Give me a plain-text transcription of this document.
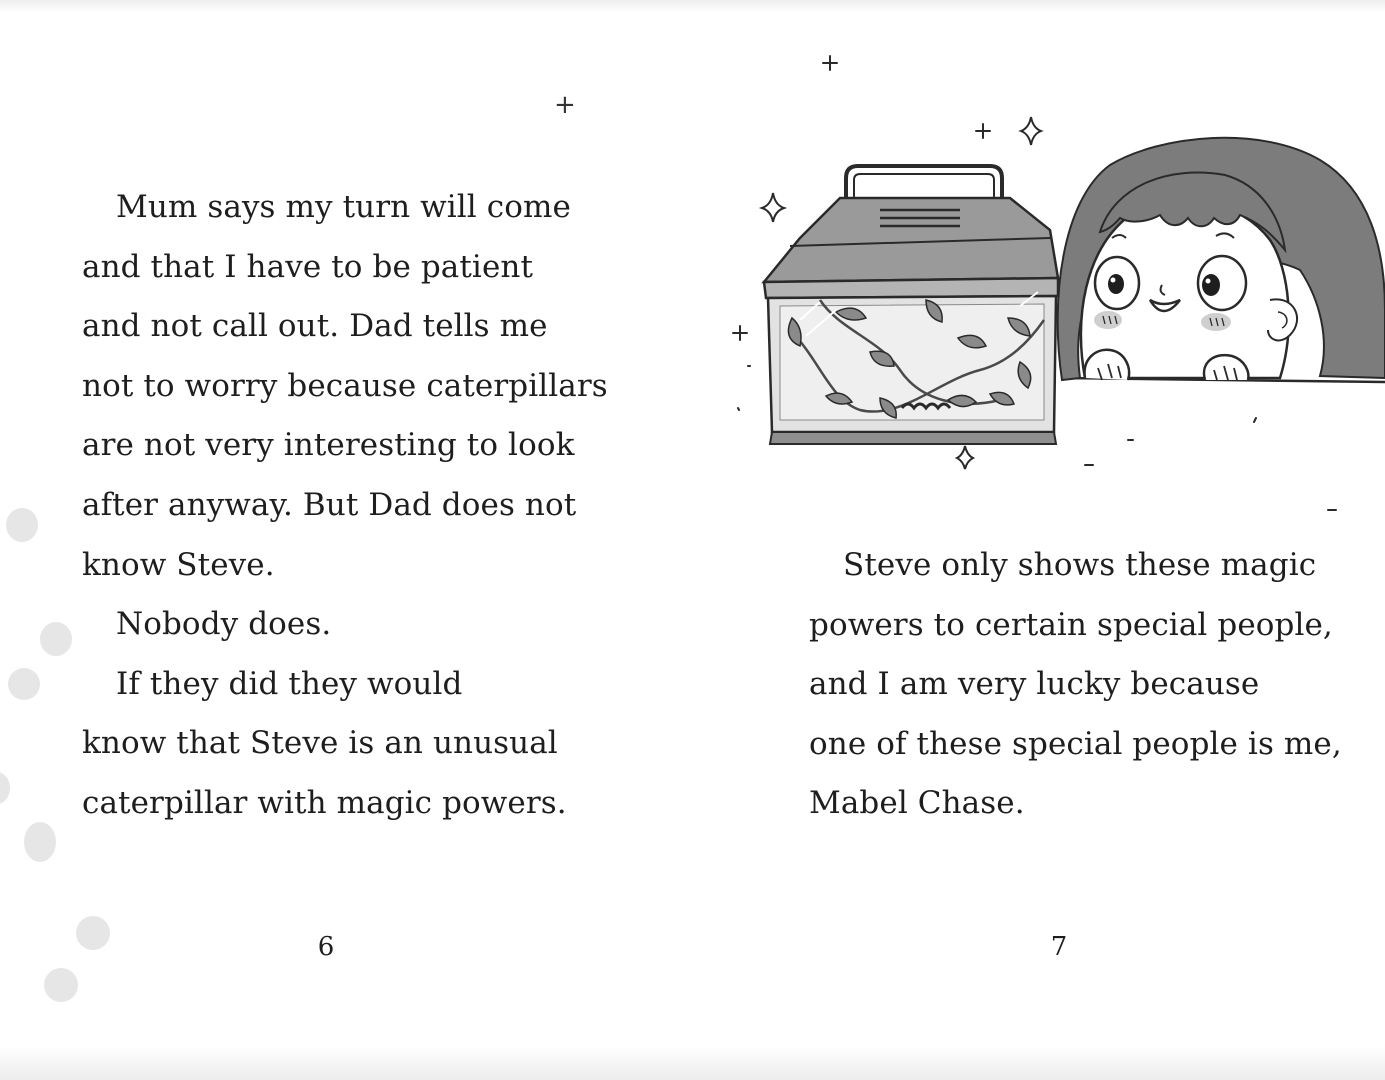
+
Mum says my turn will come
and that I have to be patient
and not call out. Dad tells me
not to worry because caterpillars
are not very interesting to look
after anyway. But Dad does not
know Steve.
Nobody does.
If they did they would
know that Steve is an unusual
caterpillar with magic powers.
6
Steve only shows these magic
powers to certain special people,
and I am very lucky because
one of these special people is me,
Mabel Chase.
7
